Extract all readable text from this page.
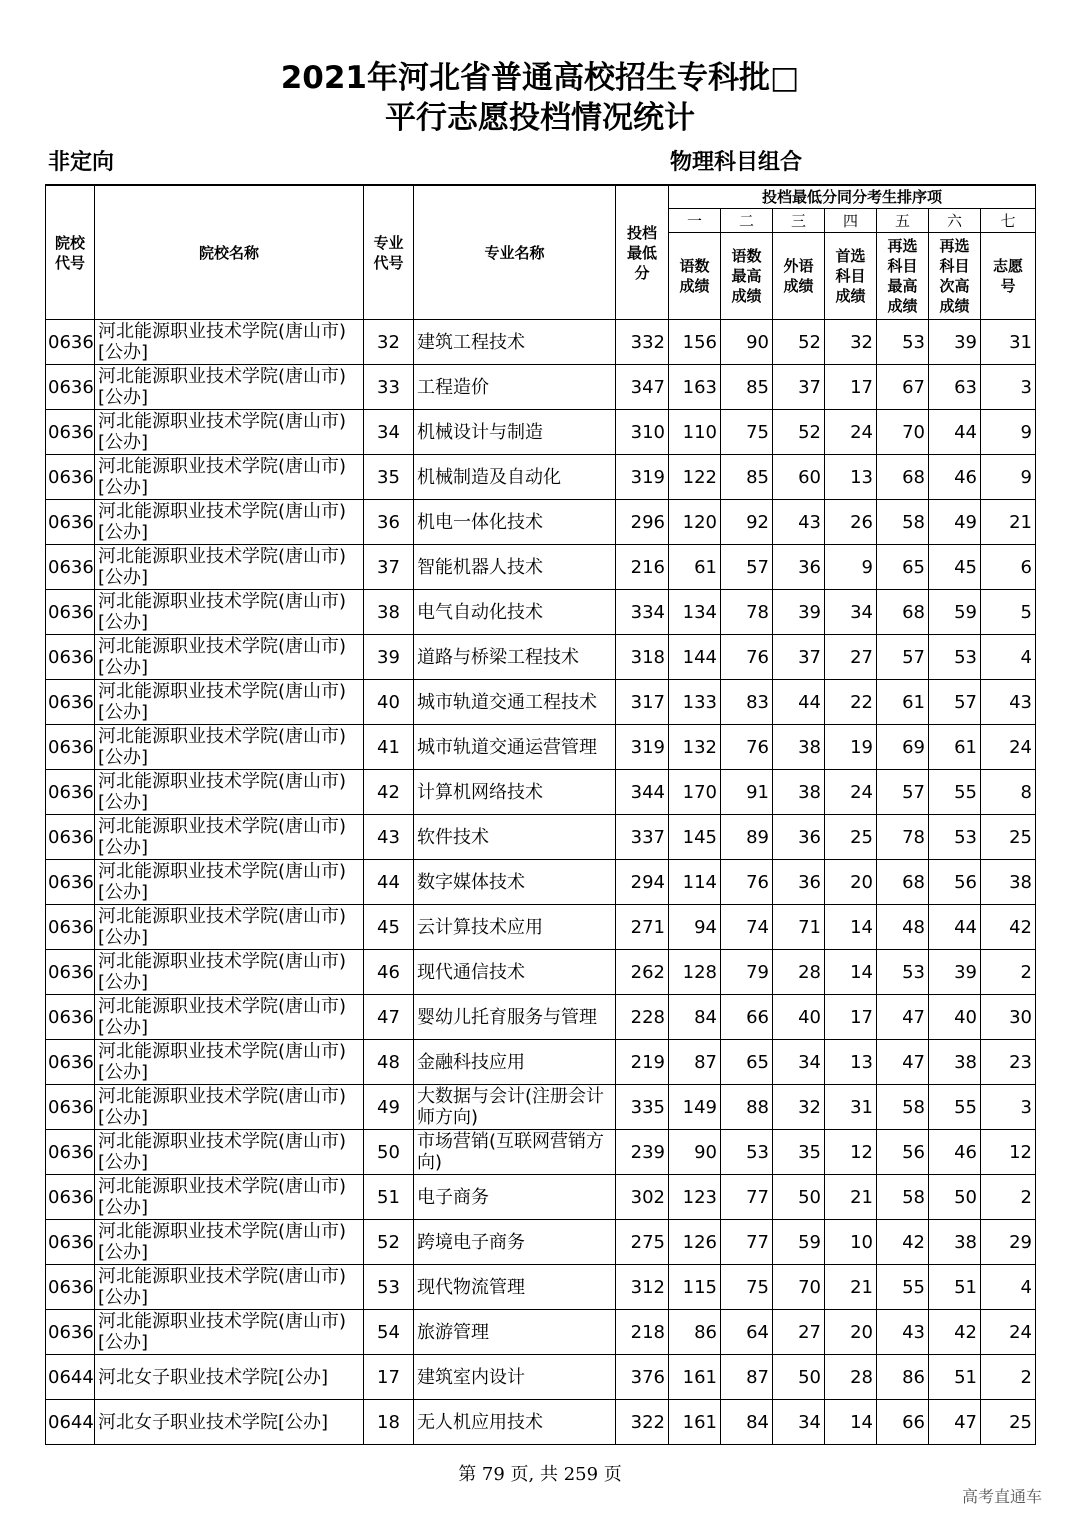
2021年河北省普通高校招生专科批□
平行志愿投档情况统计
非定向	物理科目组合
院校代号	院校名称	专业代号	专业名称	投档最低分	投档最低分同分考生排序项						
					一	二	三	四	五	六	七
					语数成绩	语数最高成绩	外语成绩	首选科目成绩	再选科目最高成绩	再选科目次高成绩	志愿号
0636	河北能源职业技术学院(唐山市)[公办]	32	建筑工程技术	332	156	90	52	32	53	39	31
0636	河北能源职业技术学院(唐山市)[公办]	33	工程造价	347	163	85	37	17	67	63	3
0636	河北能源职业技术学院(唐山市)[公办]	34	机械设计与制造	310	110	75	52	24	70	44	9
0636	河北能源职业技术学院(唐山市)[公办]	35	机械制造及自动化	319	122	85	60	13	68	46	9
0636	河北能源职业技术学院(唐山市)[公办]	36	机电一体化技术	296	120	92	43	26	58	49	21
0636	河北能源职业技术学院(唐山市)[公办]	37	智能机器人技术	216	61	57	36	9	65	45	6
0636	河北能源职业技术学院(唐山市)[公办]	38	电气自动化技术	334	134	78	39	34	68	59	5
0636	河北能源职业技术学院(唐山市)[公办]	39	道路与桥梁工程技术	318	144	76	37	27	57	53	4
0636	河北能源职业技术学院(唐山市)[公办]	40	城市轨道交通工程技术	317	133	83	44	22	61	57	43
0636	河北能源职业技术学院(唐山市)[公办]	41	城市轨道交通运营管理	319	132	76	38	19	69	61	24
0636	河北能源职业技术学院(唐山市)[公办]	42	计算机网络技术	344	170	91	38	24	57	55	8
0636	河北能源职业技术学院(唐山市)[公办]	43	软件技术	337	145	89	36	25	78	53	25
0636	河北能源职业技术学院(唐山市)[公办]	44	数字媒体技术	294	114	76	36	20	68	56	38
0636	河北能源职业技术学院(唐山市)[公办]	45	云计算技术应用	271	94	74	71	14	48	44	42
0636	河北能源职业技术学院(唐山市)[公办]	46	现代通信技术	262	128	79	28	14	53	39	2
0636	河北能源职业技术学院(唐山市)[公办]	47	婴幼儿托育服务与管理	228	84	66	40	17	47	40	30
0636	河北能源职业技术学院(唐山市)[公办]	48	金融科技应用	219	87	65	34	13	47	38	23
0636	河北能源职业技术学院(唐山市)[公办]	49	大数据与会计(注册会计师方向)	335	149	88	32	31	58	55	3
0636	河北能源职业技术学院(唐山市)[公办]	50	市场营销(互联网营销方向)	239	90	53	35	12	56	46	12
0636	河北能源职业技术学院(唐山市)[公办]	51	电子商务	302	123	77	50	21	58	50	2
0636	河北能源职业技术学院(唐山市)[公办]	52	跨境电子商务	275	126	77	59	10	42	38	29
0636	河北能源职业技术学院(唐山市)[公办]	53	现代物流管理	312	115	75	70	21	55	51	4
0636	河北能源职业技术学院(唐山市)[公办]	54	旅游管理	218	86	64	27	20	43	42	24
0644	河北女子职业技术学院[公办]	17	建筑室内设计	376	161	87	50	28	86	51	2
0644	河北女子职业技术学院[公办]	18	无人机应用技术	322	161	84	34	14	66	47	25
第 79 页, 共 259 页
高考直通车
